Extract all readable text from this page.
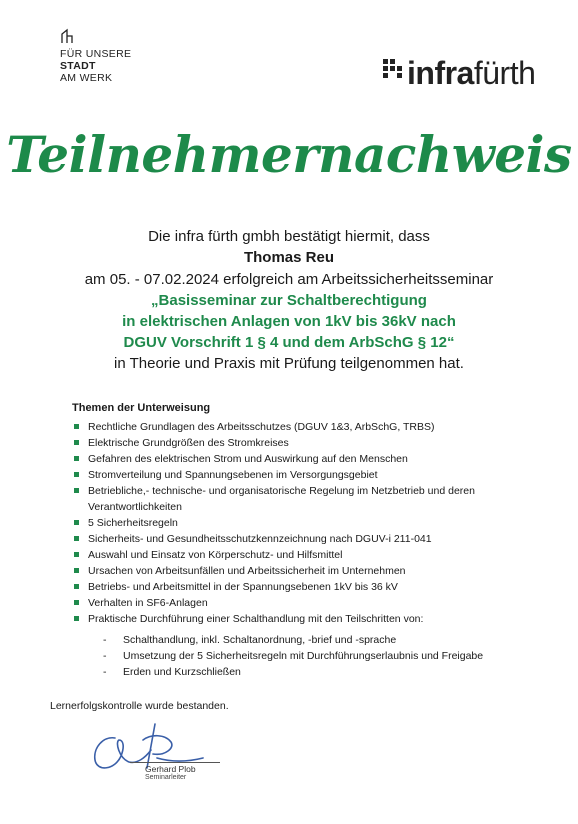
FÜR UNSERE
STADT
AM WERK	infrafürth
Teilnehmernachweis
Die infra fürth gmbh bestätigt hiermit, dass
Thomas Reu
am 05. - 07.02.2024 erfolgreich am Arbeitssicherheitsseminar
„Basisseminar zur Schaltberechtigung
in elektrischen Anlagen von 1kV bis 36kV nach
DGUV Vorschrift 1 § 4 und dem ArbSchG § 12“
in Theorie und Praxis mit Prüfung teilgenommen hat.
Themen der Unterweisung
Rechtliche Grundlagen des Arbeitsschutzes (DGUV 1&3, ArbSchG, TRBS)
Elektrische Grundgrößen des Stromkreises
Gefahren des elektrischen Strom und Auswirkung auf den Menschen
Stromverteilung und Spannungsebenen im Versorgungsgebiet
Betriebliche,- technische- und organisatorische Regelung im Netzbetrieb und deren Verantwortlichkeiten
5 Sicherheitsregeln
Sicherheits- und Gesundheitsschutzkennzeichnung nach DGUV-i 211-041
Auswahl und Einsatz von Körperschutz- und Hilfsmittel
Ursachen von Arbeitsunfällen und Arbeitssicherheit im Unternehmen
Betriebs- und Arbeitsmittel in der Spannungsebenen 1kV bis 36 kV
Verhalten in SF6-Anlagen
Praktische Durchführung einer Schalthandlung mit den Teilschritten von:
- Schalthandlung, inkl. Schaltanordnung, -brief und -sprache
- Umsetzung der 5 Sicherheitsregeln mit Durchführungserlaubnis und Freigabe
- Erden und Kurzschließen
Lernerfolgskontrolle wurde bestanden.
Gerhard Plob
Seminarleiter
